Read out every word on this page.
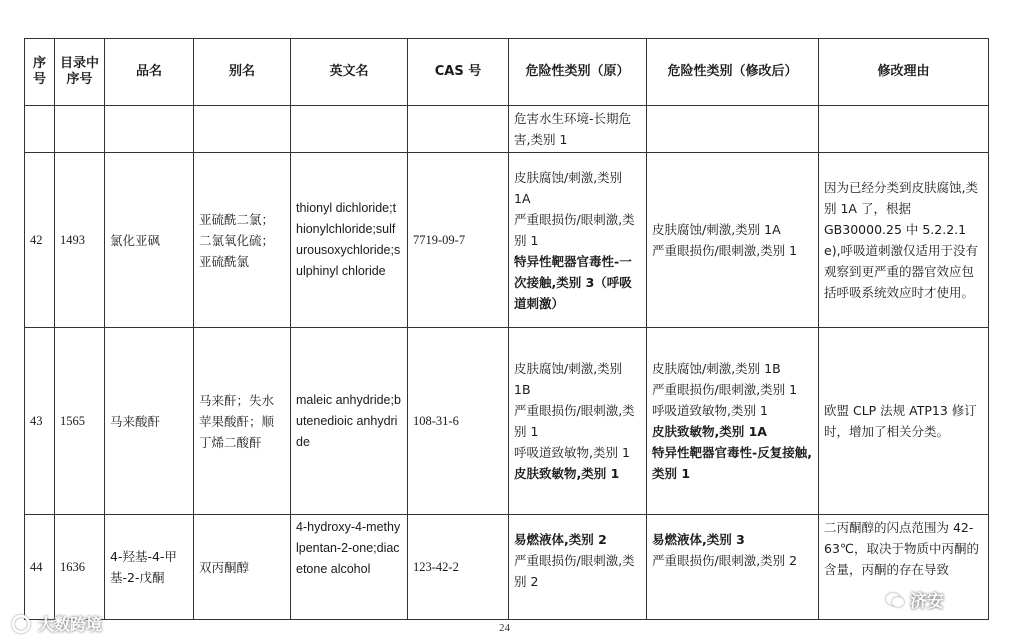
序号	目录中序号	品名	别名	英文名	CAS 号	危险性类别（原）	危险性类别（修改后）	修改理由

						危害水生环境-长期危害,类别 1		

42	1493	氯化亚砜	亚硫酰二氯；二氯氧化硫；亚硫酰氯	thionyl dichloride;thionylchloride;sulfurousoxychloride;sulphinyl chloride	7719-09-7	皮肤腐蚀/刺激,类别 1A
严重眼损伤/眼刺激,类别 1
特异性靶器官毒性-一次接触,类别 3（呼吸道刺激）	皮肤腐蚀/刺激,类别 1A
严重眼损伤/眼刺激,类别 1	因为已经分类到皮肤腐蚀,类别 1A 了，根据 GB30000.25 中 5.2.2.1 e),呼吸道刺激仅适用于没有观察到更严重的器官效应包括呼吸系统效应时才使用。
43	1565	马来酸酐	马来酐；失水苹果酸酐；顺丁烯二酸酐	maleic anhydride;butenedioic anhydride	108-31-6	皮肤腐蚀/刺激,类别 1B
严重眼损伤/眼刺激,类别 1
呼吸道致敏物,类别 1
皮肤致敏物,类别 1	皮肤腐蚀/刺激,类别 1B
严重眼损伤/眼刺激,类别 1
呼吸道致敏物,类别 1
皮肤致敏物,类别 1A
特异性靶器官毒性-反复接触,类别 1	欧盟 CLP 法规 ATP13 修订时，增加了相关分类。
44	1636	4-羟基-4-甲基-2-戊酮	双丙酮醇	4-hydroxy-4-methylpentan-2-one;diacetone alcohol	123-42-2	易燃液体,类别 2
严重眼损伤/眼刺激,类别 2	易燃液体,类别 3
严重眼损伤/眼刺激,类别 2	二丙酮醇的闪点范围为 42-63℃，取决于物质中丙酮的含量，丙酮的存在导致
24
大数跨境
济安
